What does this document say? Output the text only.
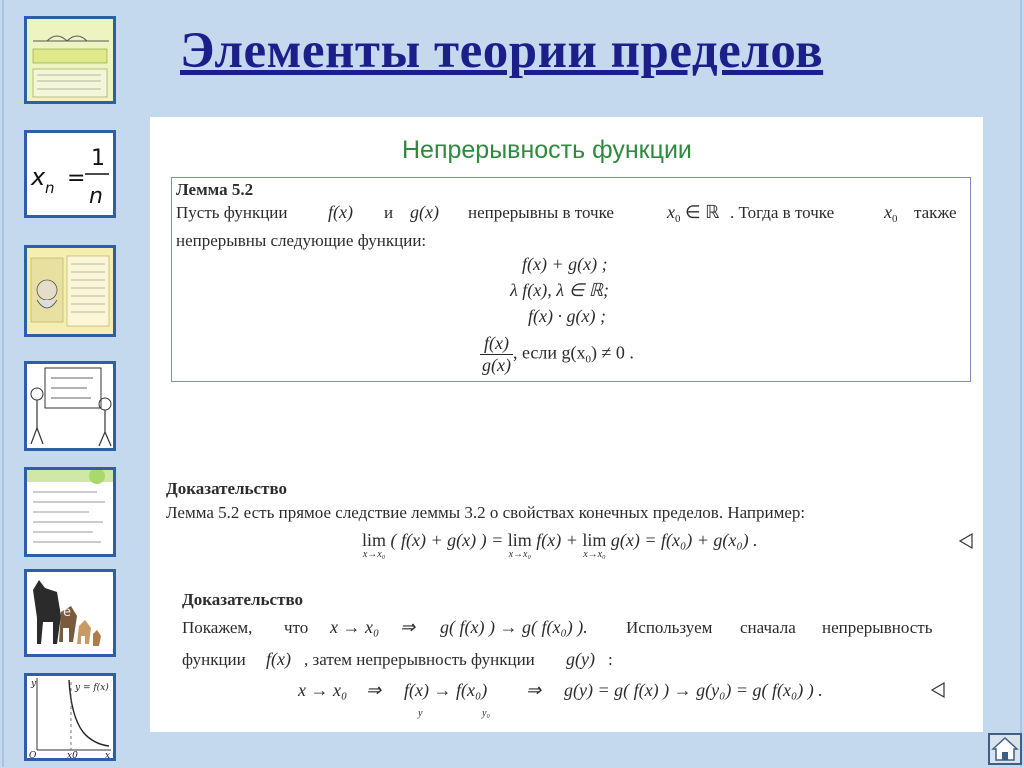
Элементы теории пределов
x n =
1
n
e
y
x
O	x0
y = f(x)
Непрерывность функции
Лемма 5.2
Пусть функции f(x) и g(x) непрерывны в точке	$x_0$ ∈ ℝ . Тогда в точке	$x_0$ также
непрерывны следующие функции:
f(x) + g(x) ;
λ f(x), λ ∈ ℝ;
f(x) · g(x) ;
$\frac{f(x)}{g(x)}$ , если $g(x_0) \ne 0$ .
Доказательство
Лемма 5.2 есть прямое следствие леммы 3.2 о свойствах конечных пределов. Например:
lim
x→x₀
( f(x) + g(x) ) = lim
x→x₀
f(x) + lim
x→x₀
g(x) = f(x₀) + g(x₀) .
Доказательство
Покажем, что x → x₀ ⇒ g( f(x) ) → g( f(x₀) ). Используем сначала непрерывность
функции f(x) , затем непрерывность функции g(y) :
x → x₀ ⇒ f(x) → f(x₀) ⇒ g(y) = g( f(x) ) → g(y₀) = g( f(x₀) ) .
y	y₀
